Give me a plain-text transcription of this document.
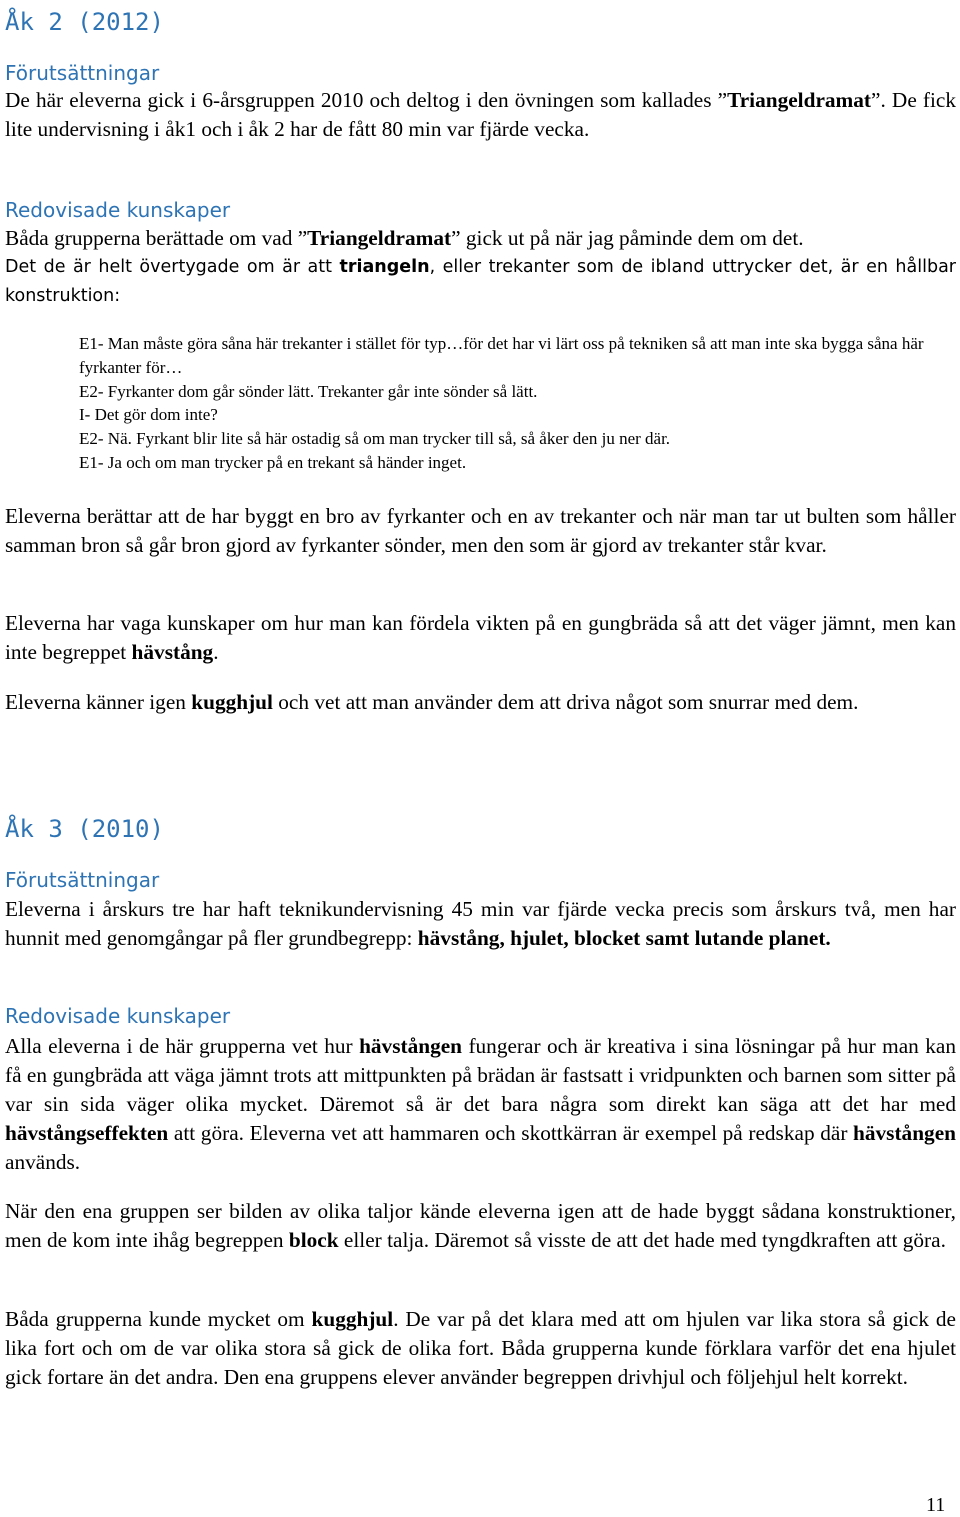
Åk 2 (2012)
Förutsättningar

De här eleverna gick i 6-årsgruppen 2010 och deltog i den övningen som kallades ”Triangeldramat”. De fick lite undervisning i åk1 och i åk 2 har de fått 80 min var fjärde vecka.

Redovisade kunskaper

Båda grupperna berättade om vad ”Triangeldramat” gick ut på när jag påminde dem om det.

Det de är helt övertygade om är att triangeln, eller trekanter som de ibland uttrycker det, är en hållbar konstruktion:

E1- Man måste göra såna här trekanter i stället för typ…för det har vi lärt oss på tekniken så att man inte ska bygga såna här fyrkanter för…
E2- Fyrkanter dom går sönder lätt. Trekanter går inte sönder så lätt.
I- Det gör dom inte?
E2- Nä. Fyrkant blir lite så här ostadig så om man trycker till så, så åker den ju ner där.
E1- Ja och om man trycker på en trekant så händer inget.

Eleverna berättar att de har byggt en bro av fyrkanter och en av trekanter och när man tar ut bulten som håller samman bron så går bron gjord av fyrkanter sönder, men den som är gjord av trekanter står kvar.

Eleverna har vaga kunskaper om hur man kan fördela vikten på en gungbräda så att det väger jämnt, men kan inte begreppet hävstång.

Eleverna känner igen kugghjul och vet att man använder dem att driva något som snurrar med dem.

Åk 3 (2010)
Förutsättningar

Eleverna i årskurs tre har haft teknikundervisning 45 min var fjärde vecka precis som årskurs två, men har hunnit med genomgångar på fler grundbegrepp: hävstång, hjulet, blocket samt lutande planet.

Redovisade kunskaper

Alla eleverna i de här grupperna vet hur hävstången fungerar och är kreativa i sina lösningar på hur man kan få en gungbräda att väga jämnt trots att mittpunkten på brädan är fastsatt i vridpunkten och barnen som sitter på var sin sida väger olika mycket. Däremot så är det bara några som direkt kan säga att det har med hävstångseffekten att göra. Eleverna vet att hammaren och skottkärran är exempel på redskap där hävstången används.

När den ena gruppen ser bilden av olika taljor kände eleverna igen att de hade byggt sådana konstruktioner, men de kom inte ihåg begreppen block eller talja. Däremot så visste de att det hade med tyngdkraften att göra.

Båda grupperna kunde mycket om kugghjul. De var på det klara med att om hjulen var lika stora så gick de lika fort och om de var olika stora så gick de olika fort. Båda grupperna kunde förklara varför det ena hjulet gick fortare än det andra. Den ena gruppens elever använder begreppen drivhjul och följehjul helt korrekt.

11
